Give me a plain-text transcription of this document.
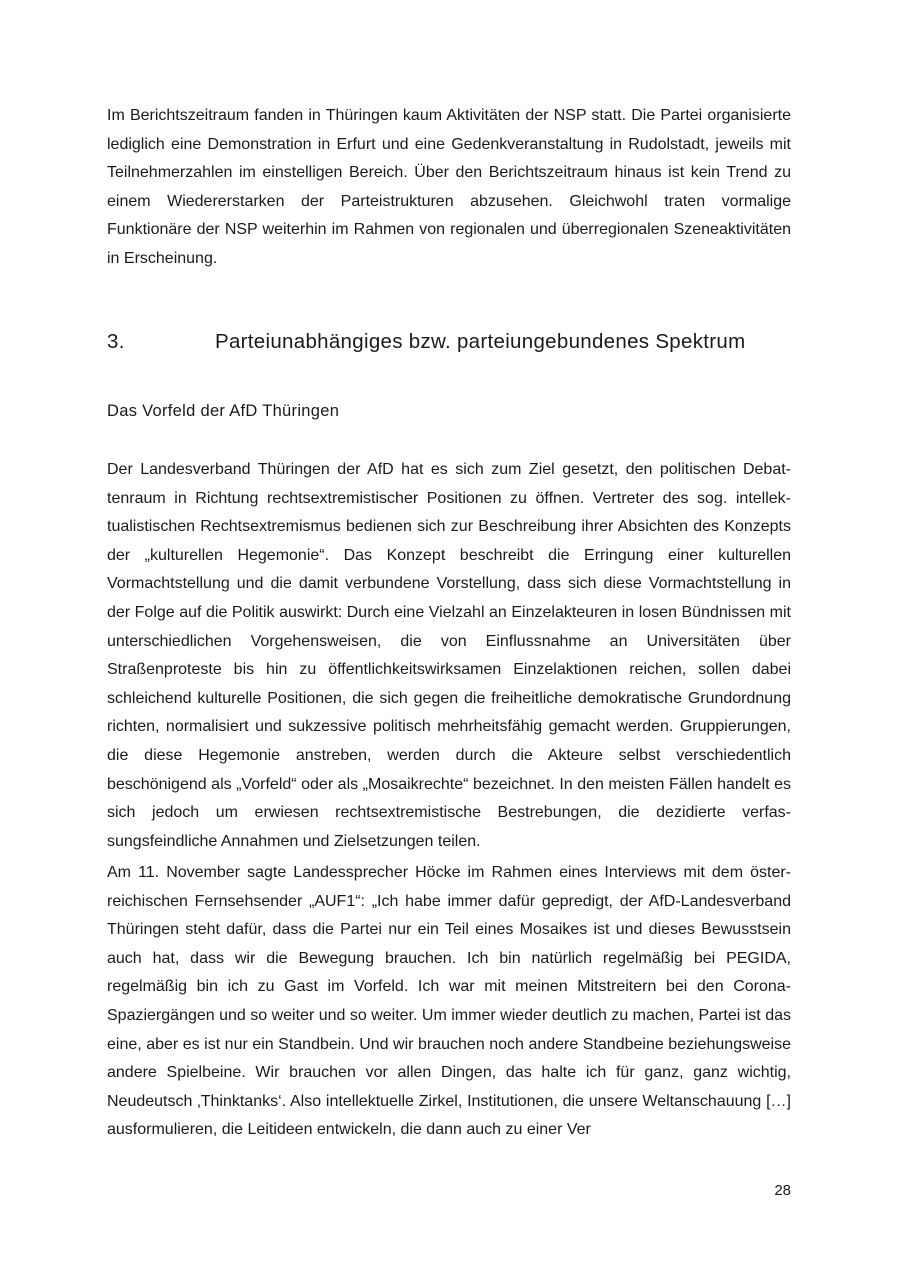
Im Berichtszeitraum fanden in Thüringen kaum Aktivitäten der NSP statt. Die Partei organisierte lediglich eine Demonstration in Erfurt und eine Gedenkveranstaltung in Rudolstadt, jeweils mit Teilnehmerzahlen im einstelligen Bereich. Über den Berichtszeitraum hinaus ist kein Trend zu einem Wiedererstarken der Parteistrukturen abzusehen. Gleichwohl traten vormalige Funktionäre der NSP weiterhin im Rahmen von regionalen und überregionalen Szeneaktivitäten in Erscheinung.

3.	Parteiunabhängiges bzw. parteiungebundenes Spektrum
Das Vorfeld der AfD Thüringen

Der Landesverband Thüringen der AfD hat es sich zum Ziel gesetzt, den politischen Debattenraum in Richtung rechtsextremistischer Positionen zu öffnen. Vertreter des sog. intellektualistischen Rechtsextremismus bedienen sich zur Beschreibung ihrer Absichten des Konzepts der „kulturellen Hegemonie“. Das Konzept beschreibt die Erringung einer kulturellen Vormachtstellung und die damit verbundene Vorstellung, dass sich diese Vormachtstellung in der Folge auf die Politik auswirkt: Durch eine Vielzahl an Einzelakteuren in losen Bündnissen mit unterschiedlichen Vorgehensweisen, die von Einflussnahme an Universitäten über Straßenproteste bis hin zu öffentlichkeitswirksamen Einzelaktionen reichen, sollen dabei schleichend kulturelle Positionen, die sich gegen die freiheitliche demokratische Grundordnung richten, normalisiert und sukzessive politisch mehrheitsfähig gemacht werden. Gruppierungen, die diese Hegemonie anstreben, werden durch die Akteure selbst verschiedentlich beschönigend als „Vorfeld“ oder als „Mosaikrechte“ bezeichnet. In den meisten Fällen handelt es sich jedoch um erwiesen rechtsextremistische Bestrebungen, die dezidierte verfassungsfeindliche Annahmen und Zielsetzungen teilen.

Am 11. November sagte Landessprecher Höcke im Rahmen eines Interviews mit dem österreichischen Fernsehsender „AUF1“: „Ich habe immer dafür gepredigt, der AfD-Landesverband Thüringen steht dafür, dass die Partei nur ein Teil eines Mosaikes ist und dieses Bewusstsein auch hat, dass wir die Bewegung brauchen. Ich bin natürlich regelmäßig bei PEGIDA, regelmäßig bin ich zu Gast im Vorfeld. Ich war mit meinen Mitstreitern bei den Corona-Spaziergängen und so weiter und so weiter. Um immer wieder deutlich zu machen, Partei ist das eine, aber es ist nur ein Standbein. Und wir brauchen noch andere Standbeine beziehungsweise andere Spielbeine. Wir brauchen vor allen Dingen, das halte ich für ganz, ganz wichtig, Neudeutsch ‚Thinktanks‘. Also intellektuelle Zirkel, Institutionen, die unsere Weltanschauung […] ausformulieren, die Leitideen entwickeln, die dann auch zu einer Ver

28
